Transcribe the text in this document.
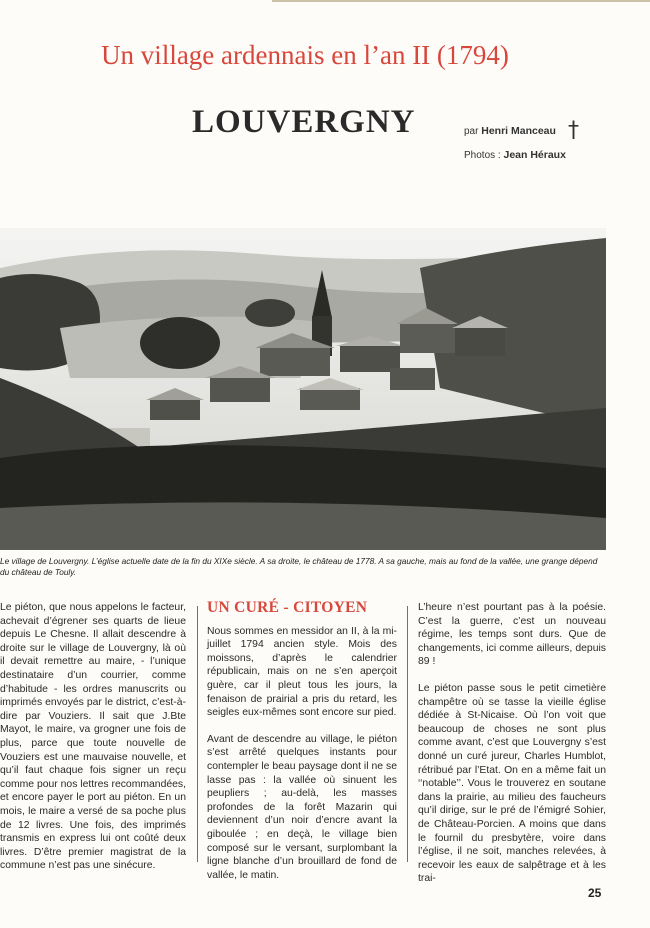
Un village ardennais en l’an II (1794)
LOUVERGNY	par Henri Manceau †
Photos : Jean Héraux

Le village de Louvergny. L’église actuelle date de la fin du XIXe siècle. A sa droite, le château de 1778. A sa gauche, mais au fond de la vallée, une grange dépend du château de Touly.

Le piéton, que nous appelons le facteur, achevait d’égrener ses quarts de lieue depuis Le Chesne. Il allait descendre à droite sur le village de Louvergny, là où il devait remettre au maire, - l’unique destinataire d’un courrier, comme d’habitude - les ordres manuscrits ou imprimés envoyés par le district, c’est-à-dire par Vouziers. Il sait que J.Bte Mayot, le maire, va grogner une fois de plus, parce que toute nouvelle de Vouziers est une mauvaise nouvelle, et qu’il faut chaque fois signer un reçu comme pour nos lettres recommandées, et encore payer le port au piéton. En un mois, le maire a versé de sa poche plus de 12 livres. Une fois, des imprimés transmis en express lui ont coûté deux livres. D’être premier magistrat de la commune n’est pas une sinécure.

UN CURÉ - CITOYEN

Nous sommes en messidor an II, à la mi-juillet 1794 ancien style. Mois des moissons, d’après le calendrier républicain, mais on ne s’en aperçoit guère, car il pleut tous les jours, la fenaison de prairial a pris du retard, les seigles eux-mêmes sont encore sur pied.

Avant de descendre au village, le piéton s’est arrêté quelques instants pour contempler le beau paysage dont il ne se lasse pas : la vallée où sinuent les peupliers ; au-delà, les masses profondes de la forêt Mazarin qui deviennent d’un noir d’encre avant la giboulée ; en deçà, le village bien composé sur le versant, surplombant la ligne blanche d’un brouillard de fond de vallée, le matin.

L’heure n’est pourtant pas à la poésie. C’est la guerre, c’est un nouveau régime, les temps sont durs. Que de changements, ici comme ailleurs, depuis 89 !

Le piéton passe sous le petit cimetière champêtre où se tasse la vieille église dédiée à St-Nicaise. Où l’on voit que beaucoup de choses ne sont plus comme avant, c’est que Louvergny s’est donné un curé jureur, Charles Humblot, rétribué par l’Etat. On en a même fait un ‘‘notable’’. Vous le trouverez en soutane dans la prairie, au milieu des faucheurs qu’il dirige, sur le pré de l’émigré Sohier, de Château-Porcien. A moins que dans le fournil du presbytère, voire dans l’église, il ne soit, manches relevées, à recevoir les eaux de salpêtrage et à les trai-

25
